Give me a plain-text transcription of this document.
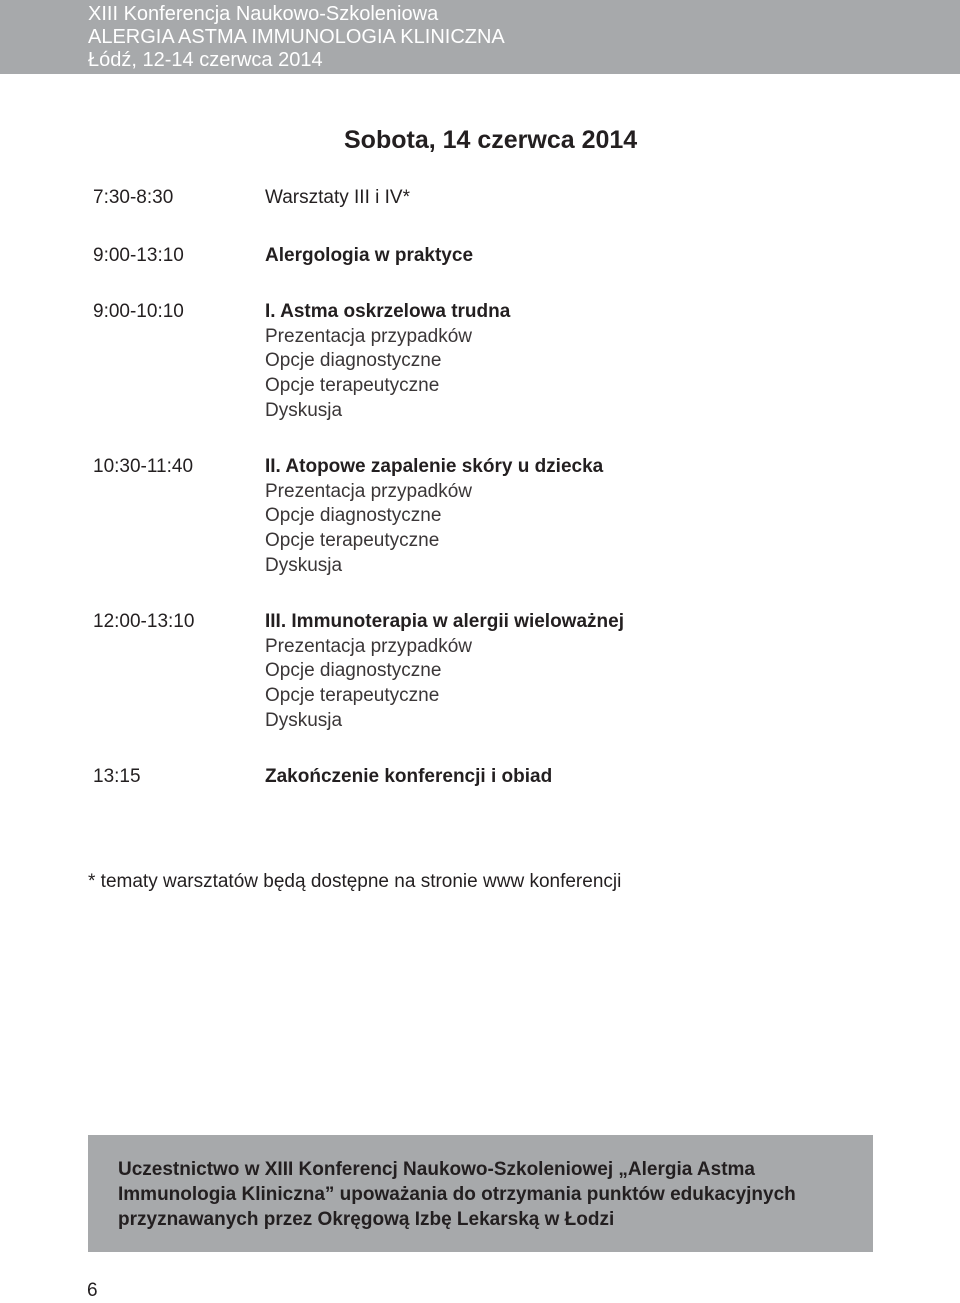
XIII Konferencja Naukowo-Szkoleniowa
ALERGIA ASTMA IMMUNOLOGIA KLINICZNA
Łódź, 12-14 czerwca 2014
Sobota, 14 czerwca 2014
7:30-8:30	Warsztaty III i IV*
9:00-13:10	Alergologia w praktyce
9:00-10:10	I. Astma oskrzelowa trudna
Prezentacja przypadków
Opcje diagnostyczne
Opcje terapeutyczne
Dyskusja
10:30-11:40	II. Atopowe zapalenie skóry u dziecka
Prezentacja przypadków
Opcje diagnostyczne
Opcje terapeutyczne
Dyskusja
12:00-13:10	III. Immunoterapia w alergii wieloważnej
Prezentacja przypadków
Opcje diagnostyczne
Opcje terapeutyczne
Dyskusja
13:15	Zakończenie konferencji i obiad
* tematy warsztatów będą dostępne na stronie www konferencji
Uczestnictwo w XIII Konferencj Naukowo-Szkoleniowej „Alergia Astma
Immunologia Kliniczna” upoważania do otrzymania punktów edukacyjnych
przyznawanych przez Okręgową Izbę Lekarską w Łodzi
6
